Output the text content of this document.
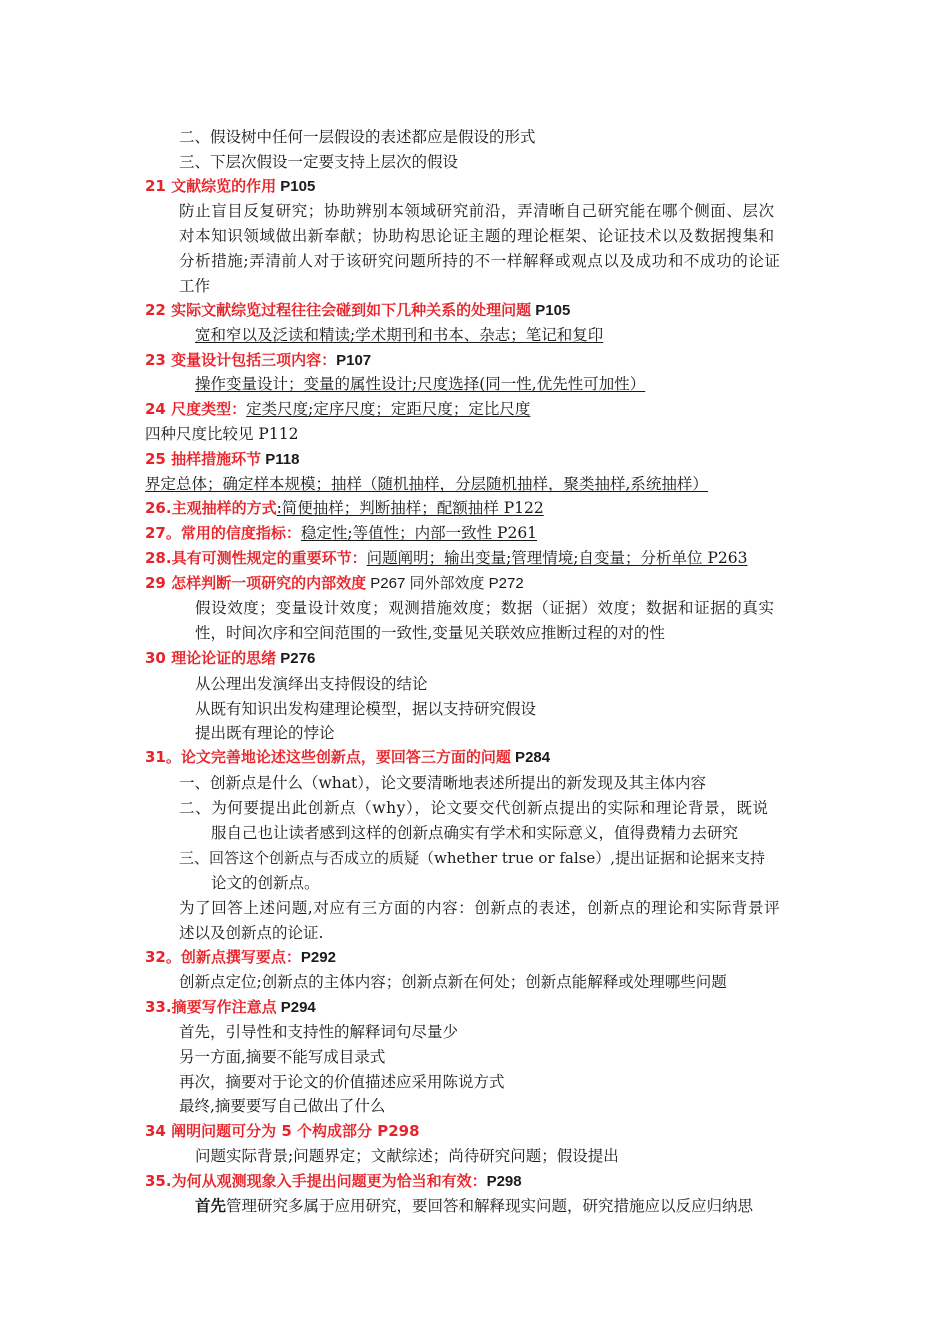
二、假设树中任何一层假设的表述都应是假设的形式
三、下层次假设一定要支持上层次的假设
21 文献综览的作用 P105
防止盲目反复研究；协助辨别本领域研究前沿，弄清晰自己研究能在哪个侧面、层次
对本知识领域做出新奉献；协助构思论证主题的理论框架、论证技术以及数据搜集和
分析措施;弄清前人对于该研究问题所持的不一样解释或观点以及成功和不成功的论证
工作
22 实际文献综览过程往往会碰到如下几种关系的处理问题 P105
宽和窄以及泛读和精读;学术期刊和书本、杂志；笔记和复印
23 变量设计包括三项内容：P107
操作变量设计；变量的属性设计;尺度选择(同一性,优先性可加性）
24 尺度类型：定类尺度;定序尺度；定距尺度；定比尺度
四种尺度比较见 P112
25 抽样措施环节 P118
界定总体；确定样本规模；抽样（随机抽样，分层随机抽样，聚类抽样,系统抽样）
26.主观抽样的方式:简便抽样；判断抽样；配额抽样 P122
27。常用的信度指标：稳定性;等值性；内部一致性 P261
28.具有可测性规定的重要环节：问题阐明；输出变量;管理情境;自变量；分析单位 P263
29 怎样判断一项研究的内部效度 P267 同外部效度 P272
假设效度；变量设计效度；观测措施效度；数据（证据）效度；数据和证据的真实
性，时间次序和空间范围的一致性,变量见关联效应推断过程的对的性
30 理论论证的思绪 P276
从公理出发演绎出支持假设的结论
从既有知识出发构建理论模型，据以支持研究假设
提出既有理论的悖论
31。论文完善地论述这些创新点，要回答三方面的问题 P284
一、创新点是什么（what），论文要清晰地表述所提出的新发现及其主体内容
二、为何要提出此创新点（why），论文要交代创新点提出的实际和理论背景，既说
服自己也让读者感到这样的创新点确实有学术和实际意义，值得费精力去研究
三、回答这个创新点与否成立的质疑（whether true or false）,提出证据和论据来支持
论文的创新点。
为了回答上述问题,对应有三方面的内容：创新点的表述，创新点的理论和实际背景评
述以及创新点的论证.
32。创新点撰写要点：P292
创新点定位;创新点的主体内容；创新点新在何处；创新点能解释或处理哪些问题
33.摘要写作注意点 P294
首先，引导性和支持性的解释词句尽量少
另一方面,摘要不能写成目录式
再次，摘要对于论文的价值描述应采用陈说方式
最终,摘要要写自己做出了什么
34 阐明问题可分为 5 个构成部分 P298
问题实际背景;问题界定；文献综述；尚待研究问题；假设提出
35.为何从观测现象入手提出问题更为恰当和有效：P298
首先管理研究多属于应用研究，要回答和解释现实问题，研究措施应以反应归纳思
